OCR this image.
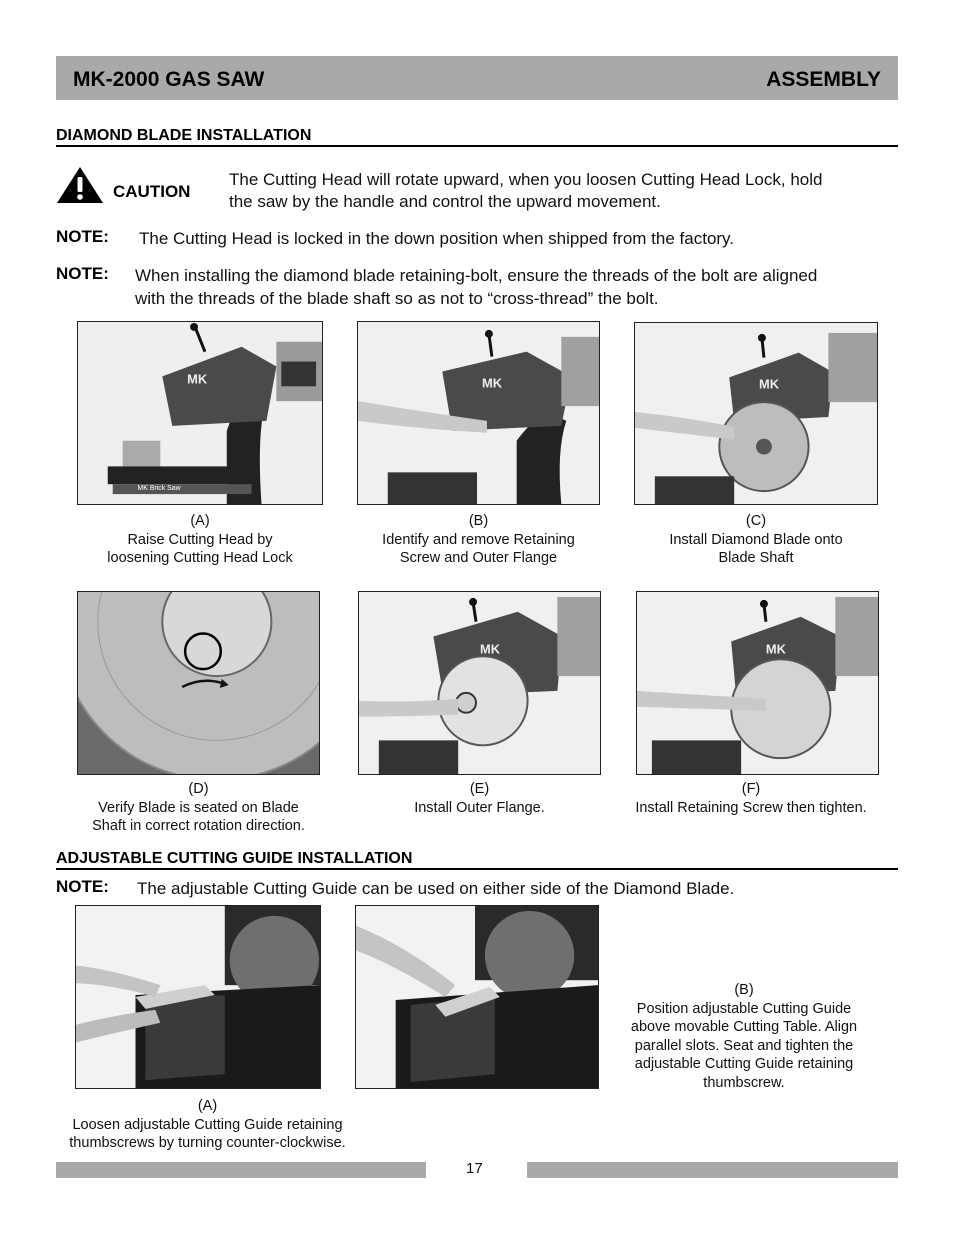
MK-2000 GAS SAW	ASSEMBLY
DIAMOND BLADE INSTALLATION
CAUTION
The Cutting Head will rotate upward, when you loosen Cutting Head Lock, hold
the saw by the handle and control the upward movement.
NOTE: The Cutting Head is locked in the down position when shipped from the factory.
NOTE: When installing the diamond blade retaining-bolt, ensure the threads of the bolt are aligned
with the threads of the blade shaft so as not to “cross-thread” the bolt.
MK
MK Brick Saw
MK	MK
(A)
Raise Cutting Head by
loosening Cutting Head Lock
(B)
Identify and remove Retaining
Screw and Outer Flange
(C)
Install Diamond Blade onto
Blade Shaft
MK	MK
(D)
Verify Blade is seated on Blade
Shaft in correct rotation direction.
(E)
Install Outer Flange.
(F)
Install Retaining Screw then tighten.
ADJUSTABLE CUTTING GUIDE INSTALLATION
NOTE: The adjustable Cutting Guide can be used on either side of the Diamond Blade.
(A)
Loosen adjustable Cutting Guide retaining
thumbscrews by turning counter-clockwise.
(B)
Position adjustable Cutting Guide
above movable Cutting Table. Align
parallel slots. Seat and tighten the
adjustable Cutting Guide retaining
thumbscrew.
17
